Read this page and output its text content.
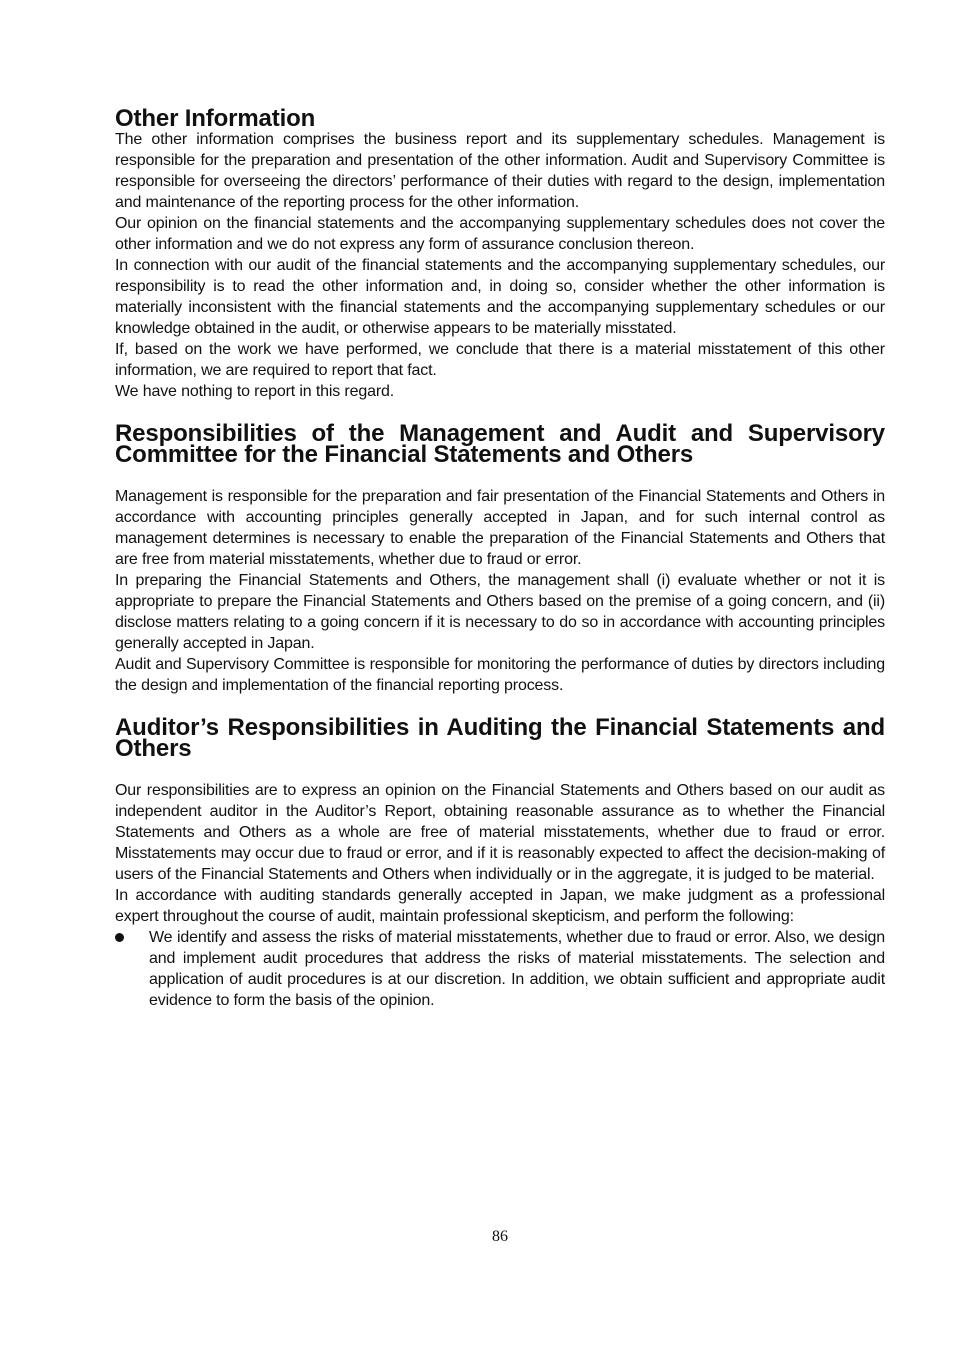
Other Information

The other information comprises the business report and its supplementary schedules. Management is responsible for the preparation and presentation of the other information. Audit and Supervisory Committee is responsible for overseeing the directors’ performance of their duties with regard to the design, implementation and maintenance of the reporting process for the other information.

Our opinion on the financial statements and the accompanying supplementary schedules does not cover the other information and we do not express any form of assurance conclusion thereon.

In connection with our audit of the financial statements and the accompanying supplementary schedules, our responsibility is to read the other information and, in doing so, consider whether the other information is materially inconsistent with the financial statements and the accompanying supplementary schedules or our knowledge obtained in the audit, or otherwise appears to be materially misstated.

If, based on the work we have performed, we conclude that there is a material misstatement of this other information, we are required to report that fact.

We have nothing to report in this regard.

Responsibilities of the Management and Audit and Supervisory Committee for the Financial Statements and Others

Management is responsible for the preparation and fair presentation of the Financial Statements and Others in accordance with accounting principles generally accepted in Japan, and for such internal control as management determines is necessary to enable the preparation of the Financial Statements and Others that are free from material misstatements, whether due to fraud or error.

In preparing the Financial Statements and Others, the management shall (i) evaluate whether or not it is appropriate to prepare the Financial Statements and Others based on the premise of a going concern, and (ii) disclose matters relating to a going concern if it is necessary to do so in accordance with accounting principles generally accepted in Japan.

Audit and Supervisory Committee is responsible for monitoring the performance of duties by directors including the design and implementation of the financial reporting process.

Auditor’s Responsibilities in Auditing the Financial Statements and Others

Our responsibilities are to express an opinion on the Financial Statements and Others based on our audit as independent auditor in the Auditor’s Report, obtaining reasonable assurance as to whether the Financial Statements and Others as a whole are free of material misstatements, whether due to fraud or error.   Misstatements may occur due to fraud or error, and if it is reasonably expected to affect the decision-making of users of the Financial Statements and Others when individually or in the aggregate, it is judged to be material.

In accordance with auditing standards generally accepted in Japan, we make judgment as a professional expert throughout the course of audit, maintain professional skepticism, and perform the following:

We identify and assess the risks of material misstatements, whether due to fraud or error. Also, we design and implement audit procedures that address the risks of material misstatements. The selection and application of audit procedures is at our discretion. In addition, we obtain sufficient and appropriate audit evidence to form the basis of the opinion.
86
